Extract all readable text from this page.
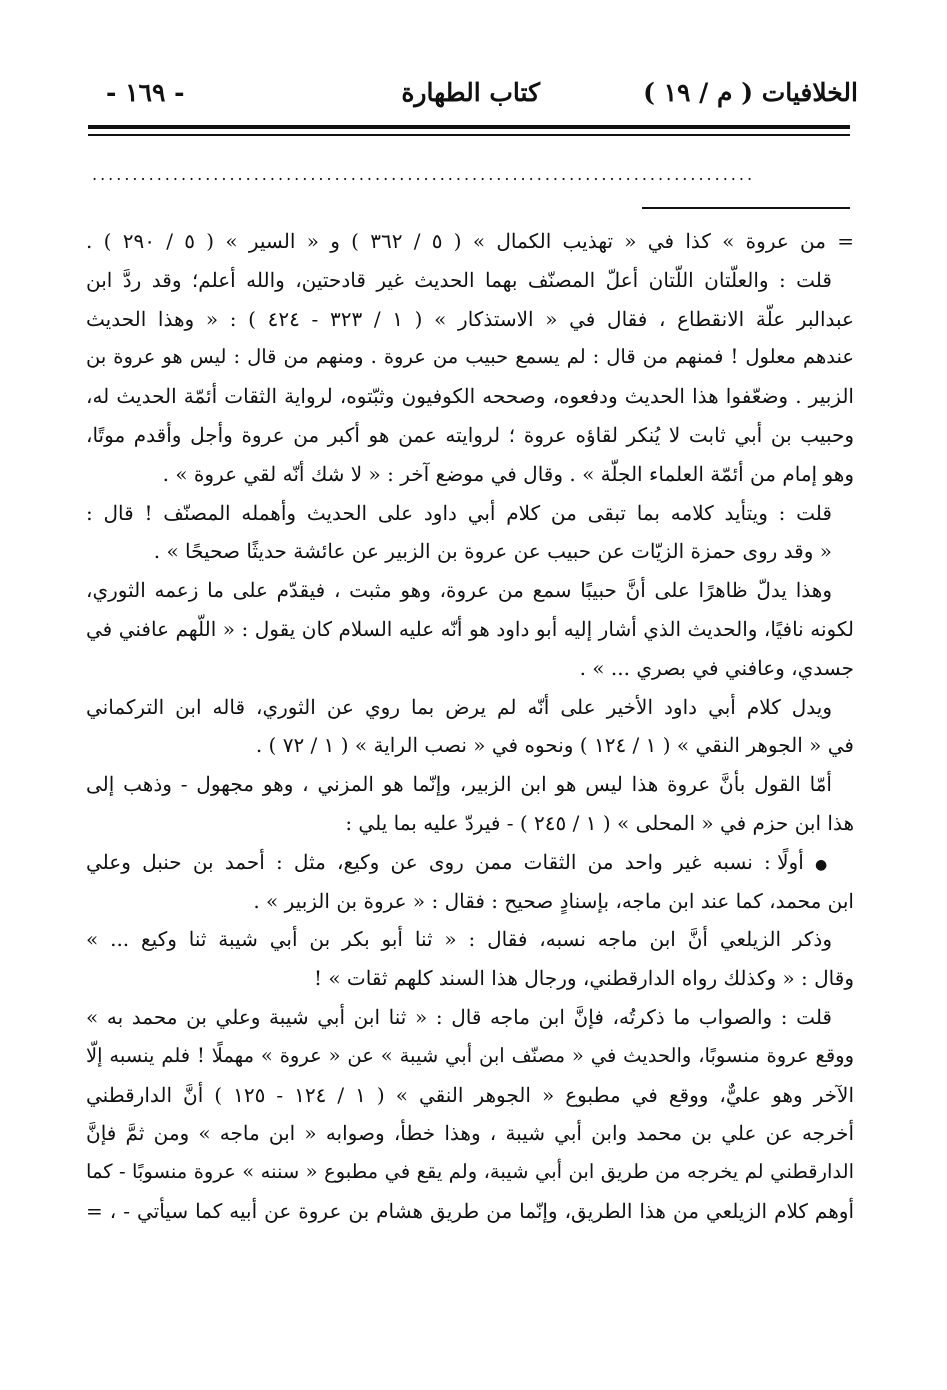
الخلافيات ( م / ١٩ )
كتاب الطهارة
- ١٦٩ -
..................................................................................
= من عروة » كذا في « تهذيب الكمال » ( ٥ / ٣٦٢ ) و « السير » ( ٥ / ٢٩٠ ) .
قلت : والعلّتان اللّتان أعلّ المصنّف بهما الحديث غير قادحتين، والله أعلم؛ وقد ردَّ ابن
عبدالبر علّة الانقطاع ، فقال في « الاستذكار » ( ١ / ٣٢٣ - ٤٢٤ ) : « وهذا الحديث
عندهم معلول ! فمنهم من قال : لم يسمع حبيب من عروة . ومنهم من قال : ليس هو عروة بن
الزبير . وضعّفوا هذا الحديث ودفعوه، وصححه الكوفيون وثبّتوه، لرواية الثقات أئمّة الحديث له،
وحبيب بن أبي ثابت لا يُنكر لقاؤه عروة ؛ لروايته عمن هو أكبر من عروة وأجل وأقدم موتًا،
وهو إمام من أئمّة العلماء الجلّة » . وقال في موضع آخر : « لا شك أنّه لقي عروة » .
قلت : ويتأيد كلامه بما تبقى من كلام أبي داود على الحديث وأهمله المصنّف ! قال :
« وقد روى حمزة الزيّات عن حبيب عن عروة بن الزبير عن عائشة حديثًا صحيحًا » .
وهذا يدلّ ظاهرًا على أنَّ حبيبًا سمع من عروة، وهو مثبت ، فيقدّم على ما زعمه الثوري،
لكونه نافيًا، والحديث الذي أشار إليه أبو داود هو أنّه عليه السلام كان يقول : « اللّهم عافني في
جسدي، وعافني في بصري ... » .
ويدل كلام أبي داود الأخير على أنّه لم يرض بما روي عن الثوري، قاله ابن التركماني
في « الجوهر النقي » ( ١ / ١٢٤ ) ونحوه في « نصب الراية » ( ١ / ٧٢ ) .
أمّا القول بأنَّ عروة هذا ليس هو ابن الزبير، وإنّما هو المزني ، وهو مجهول - وذهب إلى
هذا ابن حزم في « المحلى » ( ١ / ٢٤٥ ) - فيردّ عليه بما يلي :
● أولًا : نسبه غير واحد من الثقات ممن روى عن وكيع، مثل : أحمد بن حنبل وعلي
ابن محمد، كما عند ابن ماجه، بإسنادٍ صحيح : فقال : « عروة بن الزبير » .
وذكر الزيلعي أنَّ ابن ماجه نسبه، فقال : « ثنا أبو بكر بن أبي شيبة ثنا وكيع ... »
وقال : « وكذلك رواه الدارقطني، ورجال هذا السند كلهم ثقات » !
قلت : والصواب ما ذكرتُه، فإنَّ ابن ماجه قال : « ثنا ابن أبي شيبة وعلي بن محمد به »
ووقع عروة منسوبًا، والحديث في « مصنّف ابن أبي شيبة » عن « عروة » مهملًا ! فلم ينسبه إلّا
الآخر وهو عليٌّ، ووقع في مطبوع « الجوهر النقي » ( ١ / ١٢٤ - ١٢٥ ) أنَّ الدارقطني
أخرجه عن علي بن محمد وابن أبي شيبة ، وهذا خطأ، وصوابه « ابن ماجه » ومن ثمَّ فإنَّ
الدارقطني لم يخرجه من طريق ابن أبي شيبة، ولم يقع في مطبوع « سننه » عروة منسوبًا - كما
أوهم كلام الزيلعي من هذا الطريق، وإنّما من طريق هشام بن عروة عن أبيه كما سيأتي - ، =
